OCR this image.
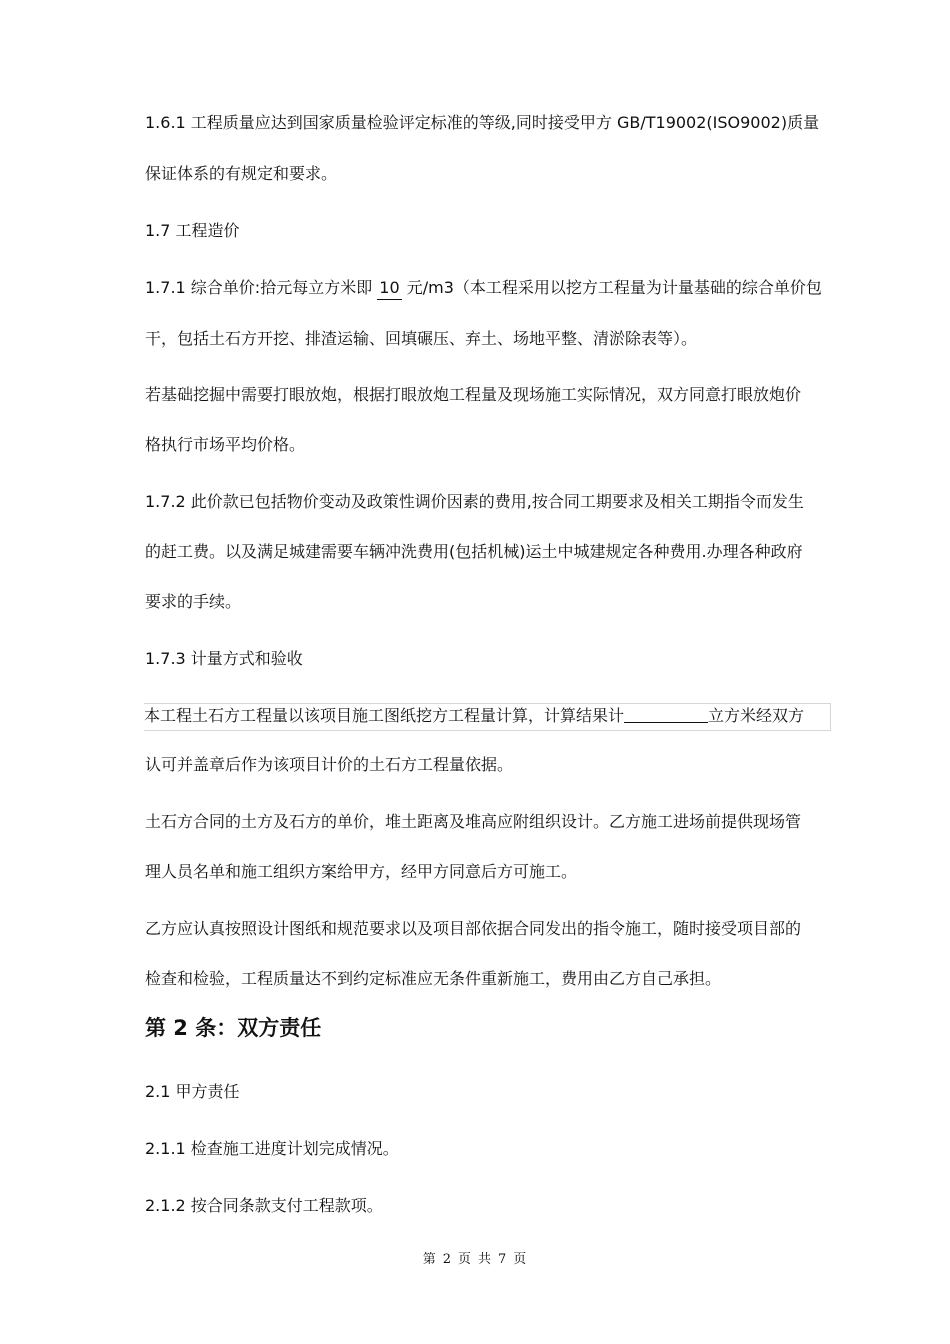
1.6.1 工程质量应达到国家质量检验评定标准的等级,同时接受甲方 GB/T19002(ISO9002)质量
保证体系的有规定和要求。
1.7 工程造价
1.7.1 综合单价:拾元每立方米即 10 元/m3（本工程采用以挖方工程量为计量基础的综合单价包
干，包括土石方开挖、排渣运输、回填碾压、弃土、场地平整、清淤除表等）。
若基础挖掘中需要打眼放炮，根据打眼放炮工程量及现场施工实际情况，双方同意打眼放炮价
格执行市场平均价格。
1.7.2 此价款已包括物价变动及政策性调价因素的费用,按合同工期要求及相关工期指令而发生
的赶工费。以及满足城建需要车辆冲洗费用(包括机械)运土中城建规定各种费用.办理各种政府
要求的手续。
1.7.3 计量方式和验收
本工程土石方工程量以该项目施工图纸挖方工程量计算，计算结果计	立方米经双方
认可并盖章后作为该项目计价的土石方工程量依据。
土石方合同的土方及石方的单价，堆土距离及堆高应附组织设计。乙方施工进场前提供现场管
理人员名单和施工组织方案给甲方，经甲方同意后方可施工。
乙方应认真按照设计图纸和规范要求以及项目部依据合同发出的指令施工，随时接受项目部的
检查和检验，工程质量达不到约定标准应无条件重新施工，费用由乙方自己承担。
第 2 条：双方责任
2.1 甲方责任
2.1.1 检查施工进度计划完成情况。
2.1.2 按合同条款支付工程款项。
第 2 页 共 7 页
